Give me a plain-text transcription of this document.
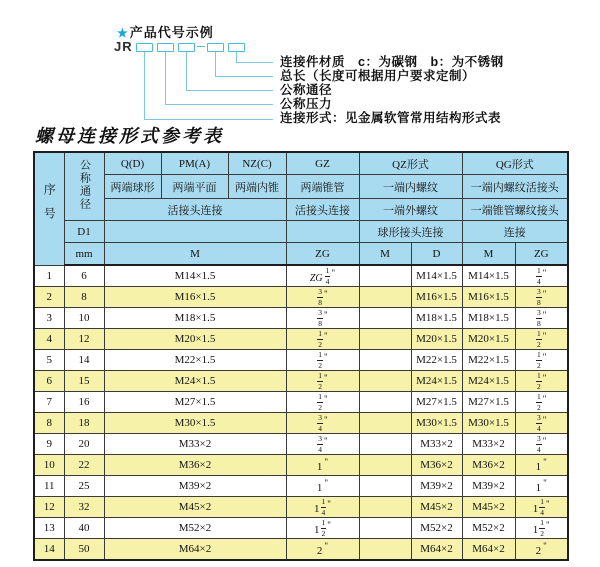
★产品代号示例
JR
连接件材质　c：为碳钢　b：为不锈钢
总长（长度可根据用户要求定制）
公称通径
公称压力
连接形式：见金属软管常用结构形式表
螺母连接形式参考表
序号	公称通径	Q(D)	PM(A)	NZ(C)	GZ	QZ形式		QG形式	
		两端球形	两端平面	两端内锥	两端锥管	一端内螺纹		一端内螺纹活接头	
		活接头连接			活接头连接	一端外螺纹		一端锥管螺纹接头	
	D1					球形接头连接		连接	
	mm	M			ZG	M	D	M	ZG
1	6	M14×1.5			ZG $\frac{1}{4} ^"$		M14×1.5	M14×1.5	$\frac{1}{4} ^"$
2	8	M16×1.5			$\frac{3}{8} ^"$		M16×1.5	M16×1.5	$\frac{3}{8} ^"$
3	10	M18×1.5			$\frac{3}{8} ^"$		M18×1.5	M18×1.5	$\frac{3}{8} ^"$
4	12	M20×1.5			$\frac{1}{2} ^"$		M20×1.5	M20×1.5	$\frac{1}{2} ^"$
5	14	M22×1.5			$\frac{1}{2} ^"$		M22×1.5	M22×1.5	$\frac{1}{2} ^"$
6	15	M24×1.5			$\frac{1}{2} ^"$		M24×1.5	M24×1.5	$\frac{1}{2} ^"$
7	16	M27×1.5			$\frac{1}{2} ^"$		M27×1.5	M27×1.5	$\frac{1}{2} ^"$
8	18	M30×1.5			$\frac{3}{4} ^"$		M30×1.5	M30×1.5	$\frac{3}{4} ^"$
9	20	M33×2			$\frac{3}{4} ^"$		M33×2	M33×2	$\frac{3}{4} ^"$
10	22	M36×2			1 "		M36×2	M36×2	1 "
11	25	M39×2			1 "		M39×2	M39×2	1 "
12	32	M45×2			$1 \frac{1}{4} ^"$		M45×2	M45×2	$1 \frac{1}{4} ^"$
13	40	M52×2			$1 \frac{1}{2} ^"$		M52×2	M52×2	$1 \frac{1}{2} ^"$
14	50	M64×2			2 "		M64×2	M64×2	2 "
